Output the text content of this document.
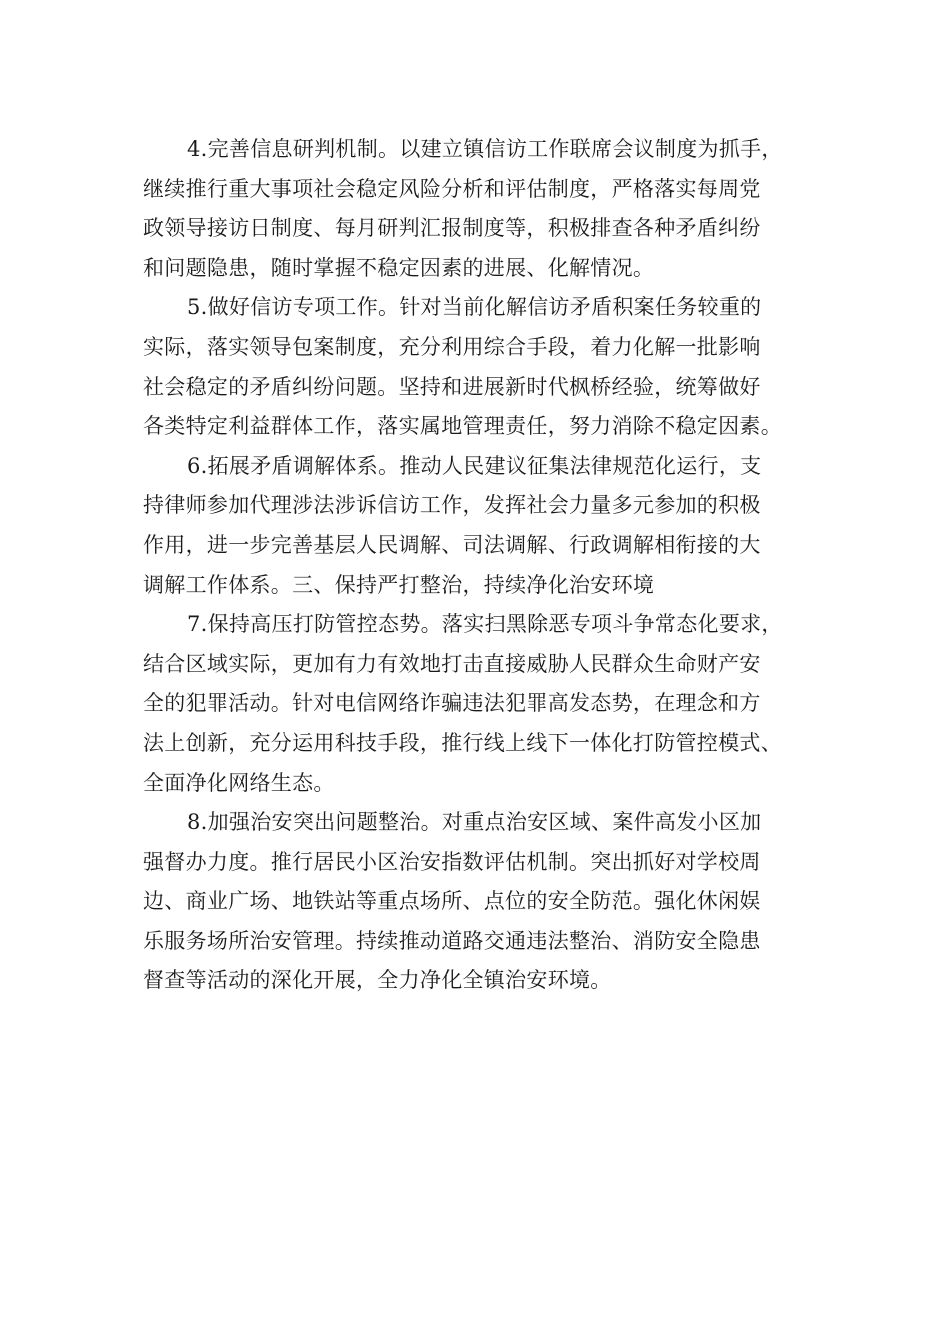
4.完善信息研判机制。以建立镇信访工作联席会议制度为抓手，
继续推行重大事项社会稳定风险分析和评估制度，严格落实每周党
政领导接访日制度、每月研判汇报制度等，积极排查各种矛盾纠纷
和问题隐患，随时掌握不稳定因素的进展、化解情况。

5.做好信访专项工作。针对当前化解信访矛盾积案任务较重的
实际，落实领导包案制度，充分利用综合手段，着力化解一批影响
社会稳定的矛盾纠纷问题。坚持和进展新时代枫桥经验，统筹做好
各类特定利益群体工作，落实属地管理责任，努力消除不稳定因素。

6.拓展矛盾调解体系。推动人民建议征集法律规范化运行，支
持律师参加代理涉法涉诉信访工作，发挥社会力量多元参加的积极
作用，进一步完善基层人民调解、司法调解、行政调解相衔接的大
调解工作体系。三、保持严打整治，持续净化治安环境

7.保持高压打防管控态势。落实扫黑除恶专项斗争常态化要求，
结合区域实际，更加有力有效地打击直接威胁人民群众生命财产安
全的犯罪活动。针对电信网络诈骗违法犯罪高发态势，在理念和方
法上创新，充分运用科技手段，推行线上线下一体化打防管控模式、
全面净化网络生态。

8.加强治安突出问题整治。对重点治安区域、案件高发小区加
强督办力度。推行居民小区治安指数评估机制。突出抓好对学校周
边、商业广场、地铁站等重点场所、点位的安全防范。强化休闲娱
乐服务场所治安管理。持续推动道路交通违法整治、消防安全隐患
督查等活动的深化开展，全力净化全镇治安环境。
